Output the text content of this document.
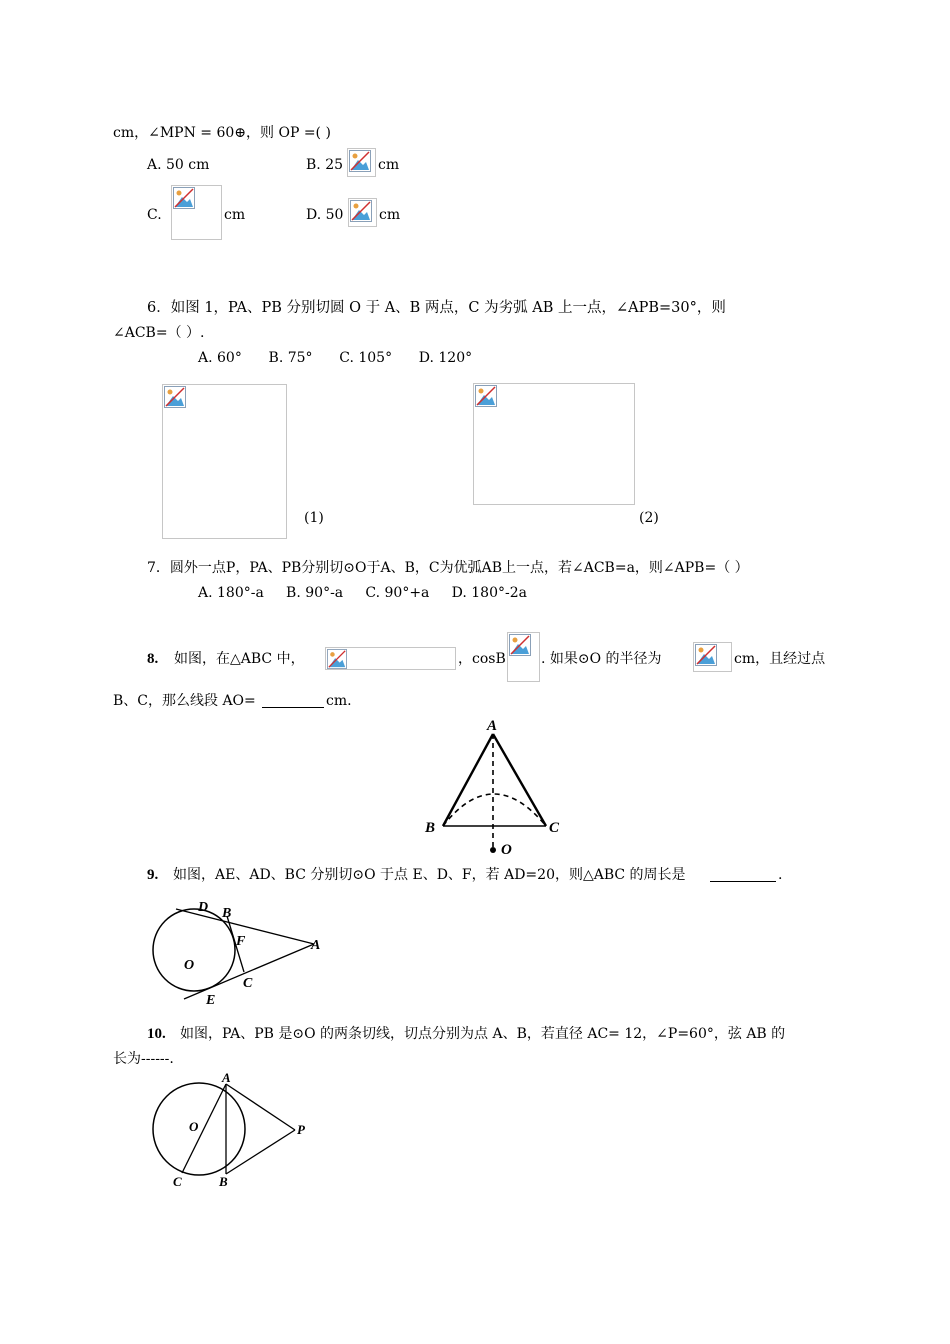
cm，∠MPN = 60⊕，则 OP =( )
A. 50 cm	B. 25 cm
C.	cm	D. 50	cm
6．如图 1，PA、PB 分别切圆 O 于 A、B 两点，C 为劣弧 AB 上一点，∠APB=30°，则
∠ACB=（ ）.
A. 60°      B. 75°      C. 105°      D. 120°
(1)	(2)
7．圆外一点P，PA、PB分别切⊙O于A、B，C为优弧AB上一点，若∠ACB=a，则∠APB=（ ）
A. 180°-a     B. 90°-a     C. 90°+a     D. 180°-2a
8. 如图，在△ABC 中，	，cosB	. 如果⊙O 的半径为	cm，且经过点
B、C，那么线段 AO=	cm.
A
B	C
O
9. 如图，AE、AD、BC 分别切⊙O 于点 E、D、F，若 AD=20，则△ABC 的周长是	.
D B
F	A
O
C
E
10. 如图，PA、PB 是⊙O 的两条切线，切点分别为点 A、B，若直径 AC= 12，∠P=60°，弦 AB 的
长为------.
A
O	P
C	B
